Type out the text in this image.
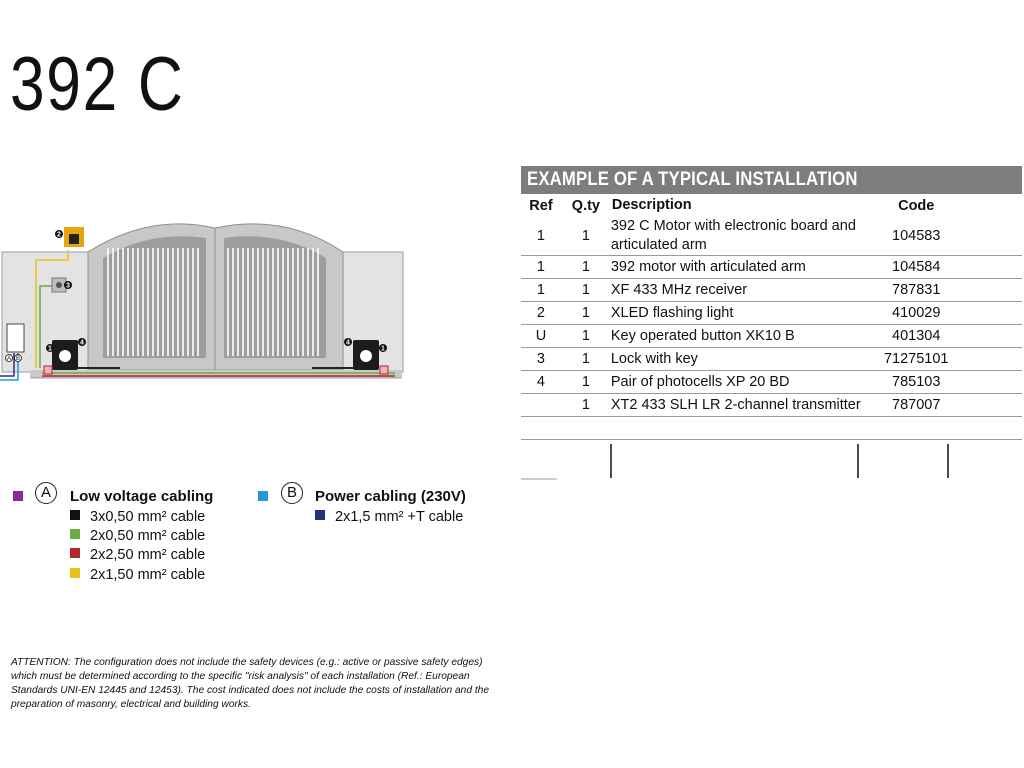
392 C
2
3
1
4	4
1
A B
EXAMPLE OF A TYPICAL INSTALLATION
Ref	Q.ty	Description	Code	
1	1	392 C Motor with electronic board and articulated arm	104583	
1	1	392 motor with articulated arm	104584	
1	1	XF 433 MHz receiver	787831	
2	1	XLED flashing light	410029	
U	1	Key operated button XK10 B	401304	
3	1	Lock with key	71275101	
4	1	Pair of photocells XP 20 BD	785103	
	1	XT2 433 SLH LR 2-channel transmitter	787007	

A	Low voltage cabling
3x0,50 mm² cable
2x0,50 mm² cable
2x2,50 mm² cable
2x1,50 mm² cable
B	Power cabling (230V)
2x1,5 mm² +T cable
ATTENTION: The configuration does not include the safety devices (e.g.: active or passive safety edges) which must be determined according to the specific "risk analysis" of each installation (Ref.: European Standards UNI-EN 12445 and 12453). The cost indicated does not include the costs of installation and the preparation of masonry, electrical and building works.
